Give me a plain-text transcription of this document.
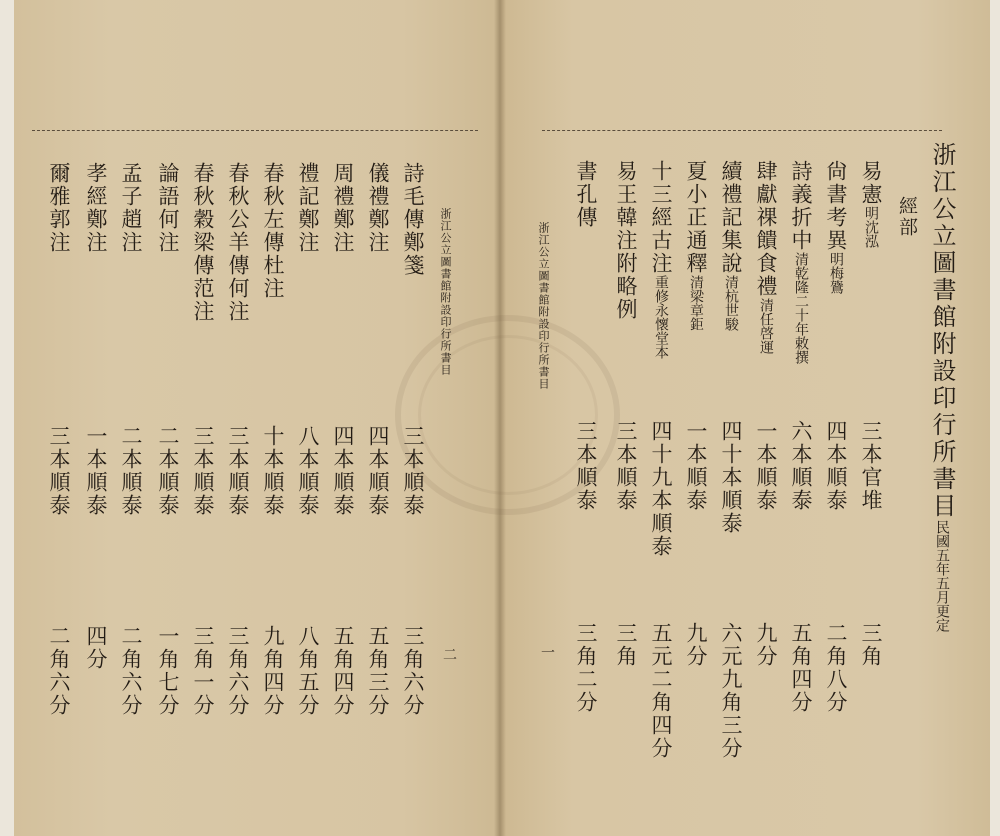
浙江公立圖書館附設印行所書目民國五年五月更定
經部
易憲明沈泓
三本官堆
三角
尙書考異明梅鷟
四本順泰
二角八分
詩義折中清乾隆二十年敕撰
六本順泰
五角四分
肆獻祼饋食禮清任啓運
一本順泰
九分
續禮記集說清杭世駿
四十本順泰
六元九角三分
夏小正通釋清梁章鉅
一本順泰
九分
十三經古注重修永懷堂本
四十九本順泰
五元二角四分
易王韓注附略例
三本順泰
三角
書孔傳
三本順泰
三角二分
浙江公立圖書館附設印行所書目
一
浙江公立圖書館附設印行所書目
二
詩毛傳鄭箋
三本順泰
三角六分
儀禮鄭注
四本順泰
五角三分
周禮鄭注
四本順泰
五角四分
禮記鄭注
八本順泰
八角五分
春秋左傳杜注
十本順泰
九角四分
春秋公羊傳何注
三本順泰
三角六分
春秋穀梁傳范注
三本順泰
三角一分
論語何注
二本順泰
一角七分
孟子趙注
二本順泰
二角六分
孝經鄭注
一本順泰
四分
爾雅郭注
三本順泰
二角六分
